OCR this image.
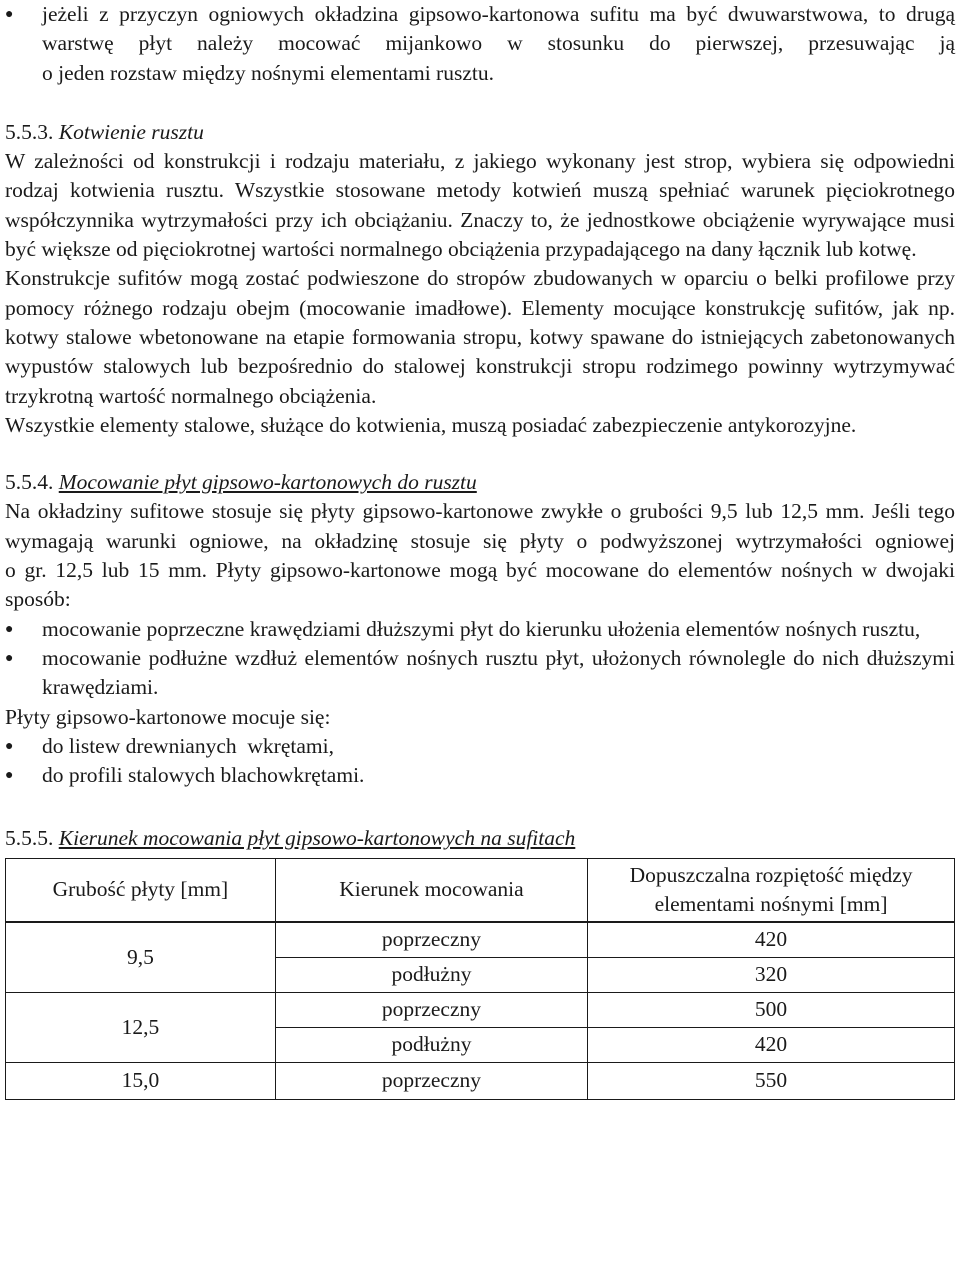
●	jeżeli z przyczyn ogniowych okładzina gipsowo-kartonowa sufitu ma być dwuwarstwowa, to drugą warstwę płyt należy mocować mijankowo w stosunku do pierwszej, przesuwając ją

o jeden rozstaw między nośnymi elementami rusztu.

5.5.3. Kotwienie rusztu

W zależności od konstrukcji i rodzaju materiału, z jakiego wykonany jest strop, wybiera się odpowiedni rodzaj kotwienia rusztu. Wszystkie stosowane metody kotwień muszą spełniać warunek pięciokrotnego współczynnika wytrzymałości przy ich obciążaniu. Znaczy to, że jednostkowe obciążenie wyrywające musi być większe od pięciokrotnej wartości normalnego obciążenia przypadającego na dany łącznik lub kotwę.

Konstrukcje sufitów mogą zostać podwieszone do stropów zbudowanych w oparciu o belki profilowe przy pomocy różnego rodzaju obejm (mocowanie imadłowe). Elementy mocujące konstrukcję sufitów, jak np. kotwy stalowe wbetonowane na etapie formowania stropu, kotwy spawane do istniejących zabetonowanych wypustów stalowych lub bezpośrednio do stalowej konstrukcji stropu rodzimego powinny wytrzymywać trzykrotną wartość normalnego obciążenia.

Wszystkie elementy stalowe, służące do kotwienia, muszą posiadać zabezpieczenie antykorozyjne.

5.5.4. Mocowanie płyt gipsowo-kartonowych do rusztu

Na okładziny sufitowe stosuje się płyty gipsowo-kartonowe zwykłe o grubości 9,5 lub 12,5 mm. Jeśli tego wymagają warunki ogniowe, na okładzinę stosuje się płyty o podwyższonej wytrzymałości ogniowej

o gr. 12,5 lub 15 mm. Płyty gipsowo-kartonowe mogą być mocowane do elementów nośnych w dwojaki sposób:

●	mocowanie poprzeczne krawędziami dłuższymi płyt do kierunku ułożenia elementów nośnych rusztu,
●	mocowanie podłużne wzdłuż elementów nośnych rusztu płyt, ułożonych równolegle do nich dłuższymi krawędziami.

Płyty gipsowo-kartonowe mocuje się:

●	do listew drewnianych  wkrętami,
●	do profili stalowych blachowkrętami.
5.5.5. Kierunek mocowania płyt gipsowo-kartonowych na sufitach
Grubość płyty [mm]	Kierunek mocowania	Dopuszczalna rozpiętość między elementami nośnymi [mm]
9,5	poprzeczny	420
	podłużny	320
12,5	poprzeczny	500
	podłużny	420
15,0	poprzeczny	550
